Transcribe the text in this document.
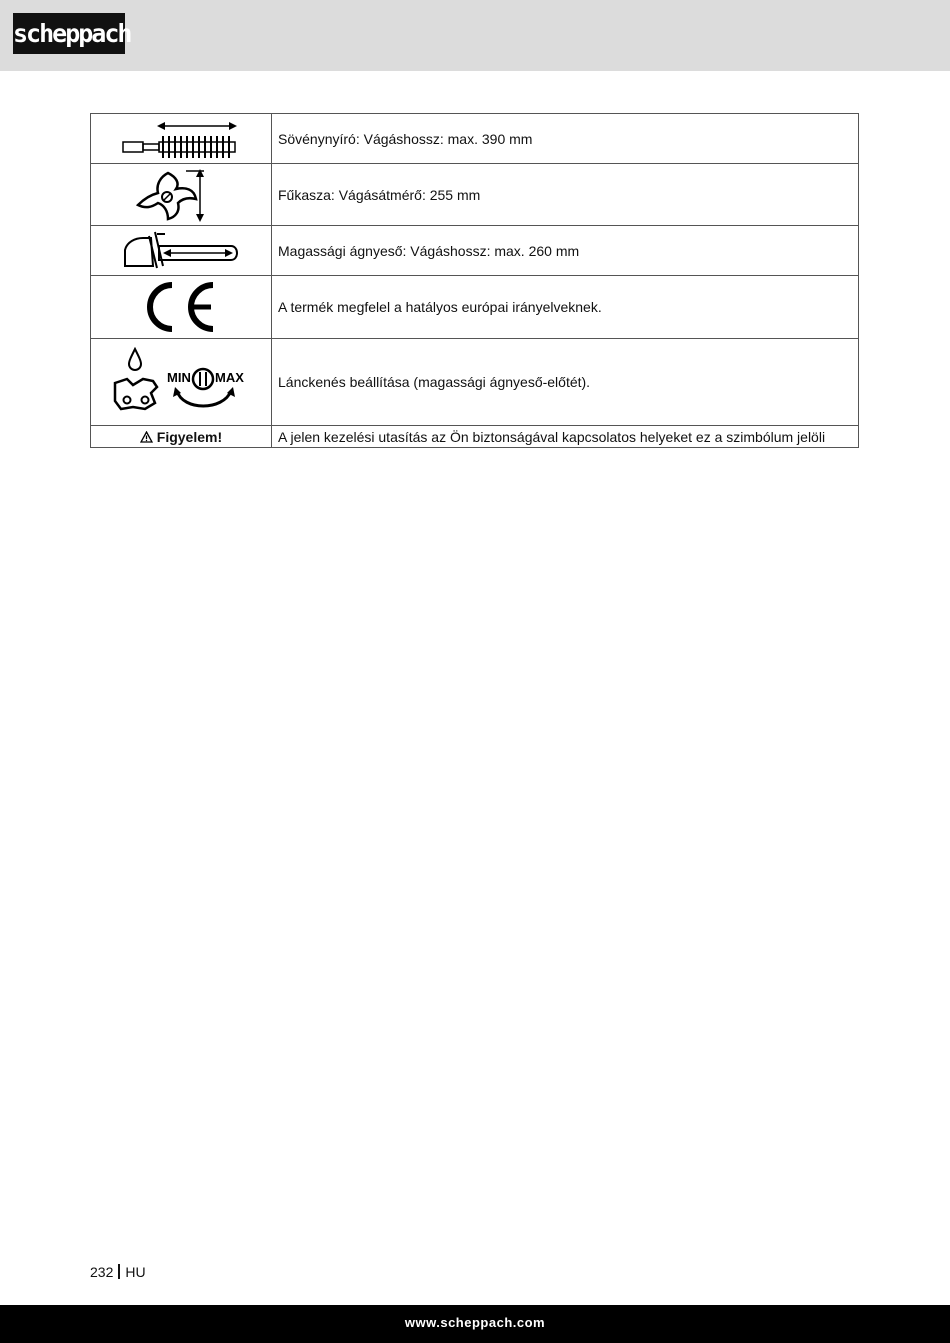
scheppach
	Sövénynyíró: Vágáshossz: max. 390 mm

	Fűkasza: Vágásátmérő: 255 mm

	Magassági ágnyeső: Vágáshossz: max. 260 mm

	A termék megfelel a hatályos európai irányelveknek.

MIN MAX	Lánckenés beállítása (magassági ágnyeső-előtét).
Figyelem!	A jelen kezelési utasítás az Ön biztonságával kapcsolatos helyeket ez a szimbólum jelöli
232 HU
www.scheppach.com
